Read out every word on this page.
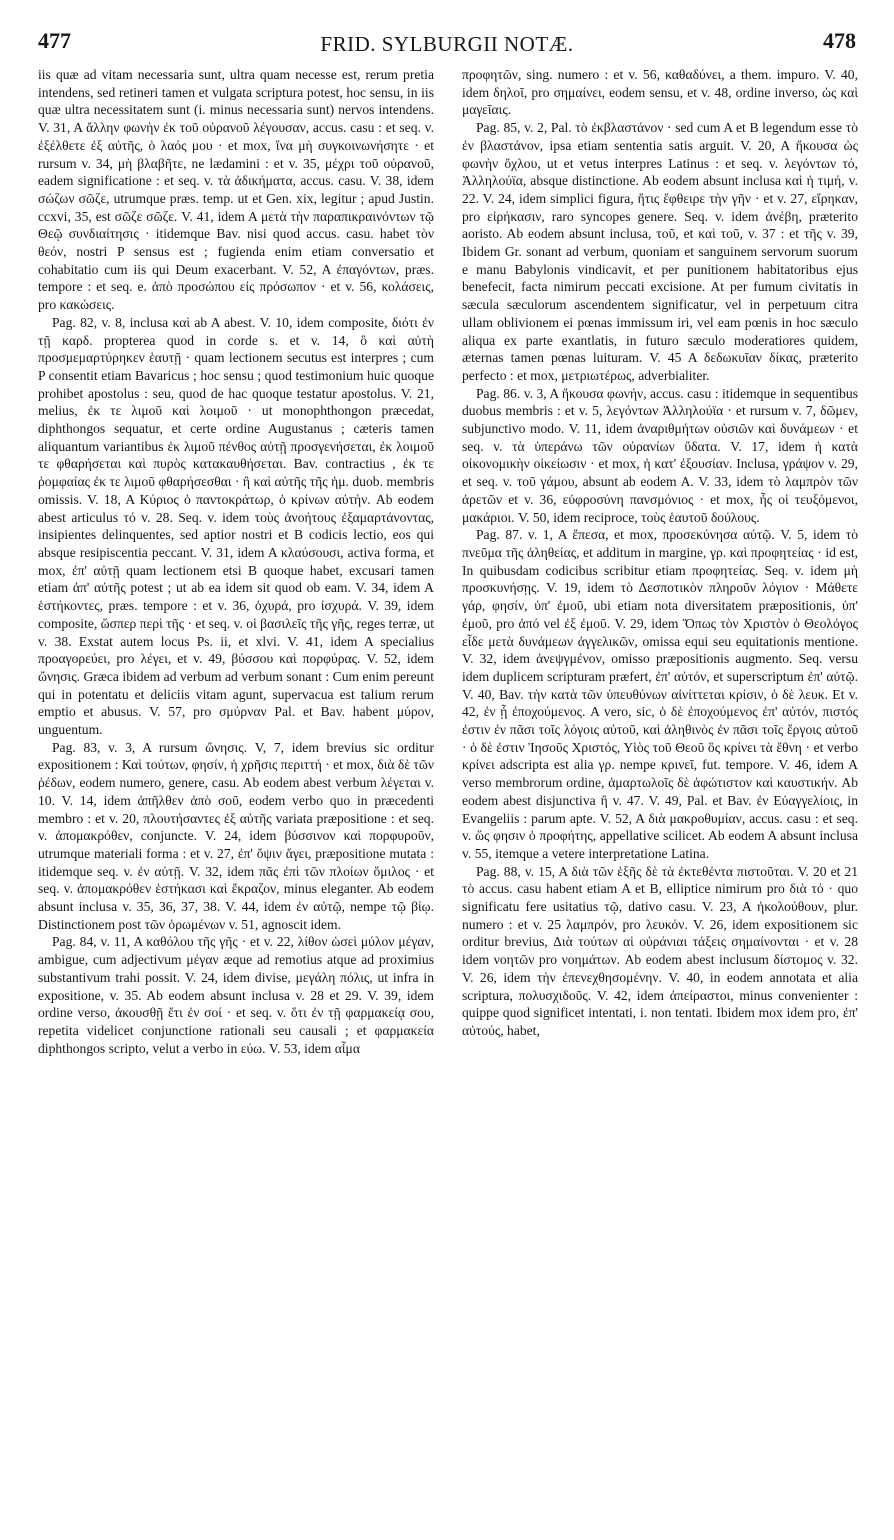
477	FRID. SYLBURGII NOTÆ.	478

iis quæ ad vitam necessaria sunt, ultra quam necesse est, rerum pretia intendens, sed retineri tamen et vulgata scriptura potest, hoc sensu, in iis quæ ultra necessitatem sunt (i. minus necessaria sunt) nervos intendens. V. 31, A ἄλλην φωνὴν ἐκ τοῦ οὐρανοῦ λέγουσαν, accus. casu : et seq. v. ἐξέλθετε ἐξ αὐτῆς, ὁ λαός μου · et mox, ἵνα μὴ συγκοινωνήσητε · et rursum v. 34, μὴ βλαβῆτε, ne lædamini : et v. 35, μέχρι τοῦ οὐρανοῦ, eadem significatione : et seq. v. τὰ ἀδικήματα, accus. casu. V. 38, idem σώζων σῶζε, utrumque præs. temp. ut et Gen. xix, legitur ; apud Justin. ccxvi, 35, est σῶζε σῶζε. V. 41, idem A μετὰ τὴν παραπικραινόντων τῷ Θεῷ συνδιαίτησις · itidemque Bav. nisi quod accus. casu. habet τὸν θεόν, nostri P sensus est ; fugienda enim etiam conversatio et cohabitatio cum iis qui Deum exacerbant. V. 52, A ἐπαγόντων, præs. tempore : et seq. e. ἀπὸ προσώπου εἰς πρόσωπον · et v. 56, κολάσεις, pro κακώσεις.

Pag. 82, v. 8, inclusa καὶ ab A abest. V. 10, idem composite, διότι ἐν τῇ καρδ. propterea quod in corde s. et v. 14, ὃ καὶ αὐτὴ προσμεμαρτύρηκεν ἑαυτῇ · quam lectionem secutus est interpres ; cum P consentit etiam Bavaricus ; hoc sensu ; quod testimonium huic quoque prohibet apostolus : seu, quod de hac quoque testatur apostolus. V. 21, melius, ἐκ τε λιμοῦ καὶ λοιμοῦ · ut monophthongon præcedat, diphthongos sequatur, et certe ordine Augustanus ; cæteris tamen aliquantum variantibus ἐκ λιμοῦ πένθος αὐτῇ προσγενήσεται, ἐκ λοιμοῦ τε φθαρήσεται καὶ πυρὸς κατακαυθήσεται. Bav. contractius , ἐκ τε ῥομφαίας ἐκ τε λιμοῦ φθαρήσεσθαι · ἢ καὶ αὐτῆς τῆς ἡμ. duob. membris omissis. V. 18, A Κύριος ὁ παντοκράτωρ, ὁ κρίνων αὐτήν. Ab eodem abest articulus τό v. 28. Seq. v. idem τοὺς ἀνοήτους ἐξαμαρτάνοντας, insipientes delinquentes, sed aptior nostri et B codicis lectio, eos qui absque resipiscentia peccant. V. 31, idem A κλαύσουσι, activa forma, et mox, ἐπ' αὐτῇ quam lectionem etsi B quoque habet, excusari tamen etiam ἀπ' αὐτῆς potest ; ut ab ea idem sit quod ob eam. V. 34, idem A ἑστήκοντες, præs. tempore : et v. 36, ὀχυρά, pro ἰσχυρά. V. 39, idem composite, ὥσπερ περὶ τῆς · et seq. v. οἱ βασιλεῖς τῆς γῆς, reges terræ, ut v. 38. Exstat autem locus Ps. ii, et xlvi. V. 41, idem A specialius προαγορεύει, pro λέγει, et v. 49, βύσσου καὶ πορφύρας. V. 52, idem ὤνησις. Græca ibidem ad verbum ad verbum sonant : Cum enim pereunt qui in potentatu et deliciis vitam agunt, supervacua est talium rerum emptio et abusus. V. 57, pro σμύρναν Pal. et Bav. habent μύρον, unguentum.

Pag. 83, v. 3, A rursum ὤνησις. V, 7, idem brevius sic orditur expositionem : Καὶ τούτων, φησίν, ἡ χρῆσις περιττή · et mox, διὰ δὲ τῶν ῥέδων, eodem numero, genere, casu. Ab eodem abest verbum λέγεται v. 10. V. 14, idem ἀπῆλθεν ἀπὸ σοῦ, eodem verbo quo in præcedenti membro : et v. 20, πλουτήσαντες ἐξ αὐτῆς variata præpositione : et seq. v. ἀπομακρόθεν, conjuncte. V. 24, idem βύσσινον καὶ πορφυροῦν, utrumque materiali forma : et v. 27, ἐπ' ὄψιν ἄγει, præpositione mutata : itidemque seq. v. ἐν αὐτῇ. V. 32, idem πᾶς ἐπὶ τῶν πλοίων ὅμιλος · et seq. v. ἀπομακρόθεν ἑστήκασι καὶ ἔκραζον, minus eleganter. Ab eodem absunt inclusa v. 35, 36, 37, 38. V. 44, idem ἐν αὐτῷ, nempe τῷ βίῳ. Distinctionem post τῶν ὁρωμένων v. 51, agnoscit idem.

Pag. 84, v. 11, A καθόλου τῆς γῆς · et v. 22, λίθον ὡσεὶ μύλον μέγαν, ambigue, cum adjectivum μέγαν æque ad remotius atque ad proximius substantivum trahi possit. V. 24, idem divise, μεγάλη πόλις, ut infra in expositione, v. 35. Ab eodem absunt inclusa v. 28 et 29. V. 39, idem ordine verso, ἀκουσθῇ ἔτι ἐν σοί · et seq. v. ὅτι ἐν τῇ φαρμακείᾳ σου, repetita videlicet conjunctione rationali seu causali ; et φαρμακεία diphthongos scripto, velut a verbo in εύω. V. 53, idem αἷμα

προφητῶν, sing. numero : et v. 56, καθαδύνει, a them. impuro. V. 40, idem δηλοῖ, pro σημαίνει, eodem sensu, et v. 48, ordine inverso, ὡς καὶ μαγεῖαις.

Pag. 85, v. 2, Pal. τὸ ἐκβλαστάνον · sed cum A et B legendum esse τὸ ἐν βλαστάνον, ipsa etiam sententia satis arguit. V. 20, A ἤκουσα ὡς φωνὴν ὄχλου, ut et vetus interpres Latinus : et seq. v. λεγόντων τό, Ἀλληλούϊα, absque distinctione. Ab eodem absunt inclusa καὶ ἡ τιμή, v. 22. V. 24, idem simplici figura, ἥτις ἔφθειρε τὴν γῆν · et v. 27, εἴρηκαν, pro εἰρήκασιν, raro syncopes genere. Seq. v. idem ἀνέβη, præterito aoristo. Ab eodem absunt inclusa, τοῦ, et καὶ τοῦ, v. 37 : et τῆς v. 39, Ibidem Gr. sonant ad verbum, quoniam et sanguinem servorum suorum e manu Babylonis vindicavit, et per punitionem habitatoribus ejus benefecit, facta nimirum peccati excisione. At per fumum civitatis in sæcula sæculorum ascendentem significatur, vel in perpetuum citra ullam oblivionem ei pœnas immissum iri, vel eam pœnis in hoc sæculo aliqua ex parte exantlatis, in futuro sæculo moderatiores quidem, æternas tamen pœnas luituram. V. 45 A δεδωκυῖαν δίκας, præterito perfecto : et mox, μετριωτέρως, adverbialiter.

Pag. 86. v. 3, A ἤκουσα φωνήν, accus. casu : itidemque in sequentibus duobus membris : et v. 5, λεγόντων Ἀλληλούϊα · et rursum v. 7, δῶμεν, subjunctivo modo. V. 11, idem ἀναριθμήτων οὐσιῶν καὶ δυνάμεων · et seq. v. τὰ ὑπεράνω τῶν οὐρανίων ὕδατα. V. 17, idem ἡ κατὰ οἰκονομικὴν οἰκείωσιν · et mox, ἡ κατ' ἐξουσίαν. Inclusa, γράψον v. 29, et seq. v. τοῦ γάμου, absunt ab eodem A. V. 33, idem τὸ λαμπρὸν τῶν ἀρετῶν et v. 36, εὐφροσύνη πανσμόνιος · et mox, ἧς οἱ τευξόμενοι, μακάριοι. V. 50, idem reciproce, τοὺς ἑαυτοῦ δούλους.

Pag. 87. v. 1, A ἔπεσα, et mox, προσεκύνησα αὐτῷ. V. 5, idem τὸ πνεῦμα τῆς ἀληθείας, et additum in margine, γρ. καὶ προφητείας · id est, In quibusdam codicibus scribitur etiam προφητείας. Seq. v. idem μὴ προσκυνήσῃς. V. 19, idem τὸ Δεσποτικὸν πληροῦν λόγιον · Μάθετε γάρ, φησίν, ὑπ' ἐμοῦ, ubi etiam nota diversitatem præpositionis, ὑπ' ἐμοῦ, pro ἀπό vel ἐξ ἐμοῦ. V. 29, idem Ὅπως τὸν Χριστὸν ὁ Θεολόγος εἶδε μετὰ δυνάμεων ἀγγελικῶν, omissa equi seu equitationis mentione. V. 32, idem ἀνεψγμένον, omisso præpositionis augmento. Seq. versu idem duplicem scripturam præfert, ἐπ' αὐτόν, et superscriptum ἐπ' αὐτῷ. V. 40, Bav. τὴν κατὰ τῶν ὑπευθύνων αἰνίττεται κρίσιν, ὁ δὲ λευκ. Et v. 42, ἐν ᾗ ἐποχούμενος. A vero, sic, ὁ δὲ ἐποχούμενος ἐπ' αὐτόν, πιστός ἐστιν ἐν πᾶσι τοῖς λόγοις αὐτοῦ, καὶ ἀληθινὸς ἐν πᾶσι τοῖς ἔργοις αὐτοῦ · ὁ δὲ ἐστιν Ἰησοῦς Χριστός, Υἱὸς τοῦ Θεοῦ ὃς κρίνει τὰ ἔθνη · et verbo κρίνει adscripta est alia γρ. nempe κρινεῖ, fut. tempore. V. 46, idem A verso membrorum ordine, ἁμαρτωλοῖς δὲ ἀφώτιστον καὶ καυστικήν. Ab eodem abest disjunctiva ἢ v. 47. V. 49, Pal. et Bav. ἐν Εὐαγγελίοις, in Evangeliis : parum apte. V. 52, A διὰ μακροθυμίαν, accus. casu : et seq. v. ὥς φησιν ὁ προφήτης, appellative scilicet. Ab eodem A absunt inclusa v. 55, itemque a vetere interpretatione Latina.

Pag. 88, v. 15, A διὰ τῶν ἑξῆς δὲ τὰ ἐκτεθέντα πιστοῦται. V. 20 et 21 τὸ accus. casu habent etiam A et B, elliptice nimirum pro διὰ τό · quo significatu fere usitatius τῷ, dativo casu. V. 23, A ἠκολούθουν, plur. numero : et v. 25 λαμπρόν, pro λευκόν. V. 26, idem expositionem sic orditur brevius, Διὰ τούτων αἱ οὐράνιαι τάξεις σημαίνονται · et v. 28 idem νοητῶν pro νοημάτων. Ab eodem abest inclusum δίστομος v. 32. V. 26, idem τὴν ἐπενεχθησομένην. V. 40, in eodem annotata et alia scriptura, πολυσχιδοῦς. V. 42, idem ἀπείραστοι, minus convenienter : quippe quod significet intentati, i. non tentati. Ibidem mox idem pro, ἐπ' αὐτούς, habet,
